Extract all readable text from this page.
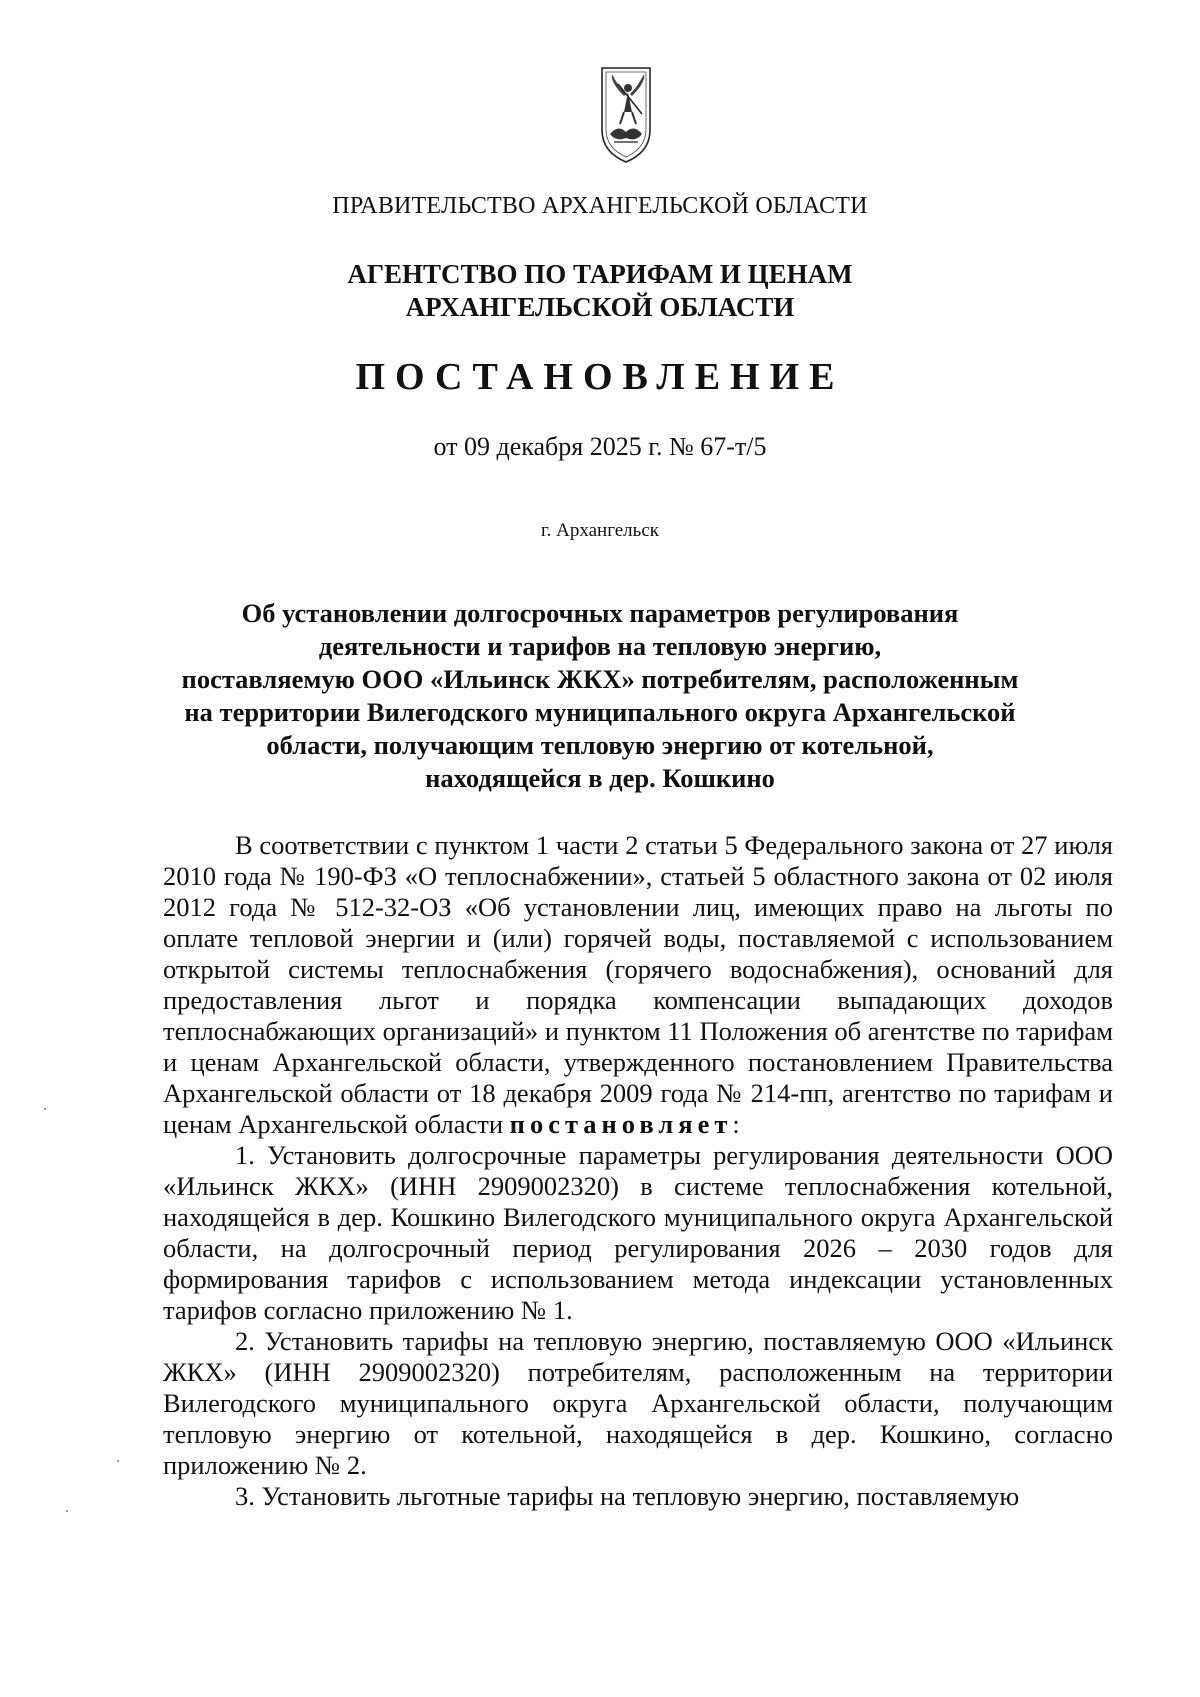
ПРАВИТЕЛЬСТВО АРХАНГЕЛЬСКОЙ ОБЛАСТИ
АГЕНТСТВО ПО ТАРИФАМ И ЦЕНАМ
АРХАНГЕЛЬСКОЙ ОБЛАСТИ
ПОСТАНОВЛЕНИЕ
от 09 декабря 2025 г. № 67-т/5
г. Архангельск
Об установлении долгосрочных параметров регулирования
деятельности и тарифов на тепловую энергию,
поставляемую ООО «Ильинск ЖКХ» потребителям, расположенным
на территории Вилегодского муниципального округа Архангельской
области, получающим тепловую энергию от котельной,
находящейся в дер. Кошкино

В соответствии с пунктом 1 части 2 статьи 5 Федерального закона от 27 июля 2010 года № 190-ФЗ «О теплоснабжении», статьей 5 областного закона от 02 июля 2012 года № 512-32-ОЗ «Об установлении лиц, имеющих право на льготы по оплате тепловой энергии и (или) горячей воды, поставляемой с использованием открытой системы теплоснабжения (горячего водоснабжения), оснований для предоставления льгот и порядка компенсации выпадающих доходов теплоснабжающих организаций» и пунктом 11 Положения об агентстве по тарифам и ценам Архангельской области, утвержденного постановлением Правительства Архангельской области от 18 декабря 2009 года № 214-пп, агентство по тарифам и ценам Архангельской области постановляет:

1. Установить долгосрочные параметры регулирования деятельности ООО «Ильинск ЖКХ» (ИНН 2909002320) в системе теплоснабжения котельной, находящейся в дер. Кошкино Вилегодского муниципального округа Архангельской области, на долгосрочный период регулирования 2026 – 2030 годов для формирования тарифов с использованием метода индексации установленных тарифов согласно приложению № 1.

2. Установить тарифы на тепловую энергию, поставляемую ООО «Ильинск ЖКХ» (ИНН 2909002320) потребителям, расположенным на территории Вилегодского муниципального округа Архангельской области, получающим тепловую энергию от котельной, находящейся в дер. Кошкино, согласно приложению № 2.

3. Установить льготные тарифы на тепловую энергию, поставляемую
